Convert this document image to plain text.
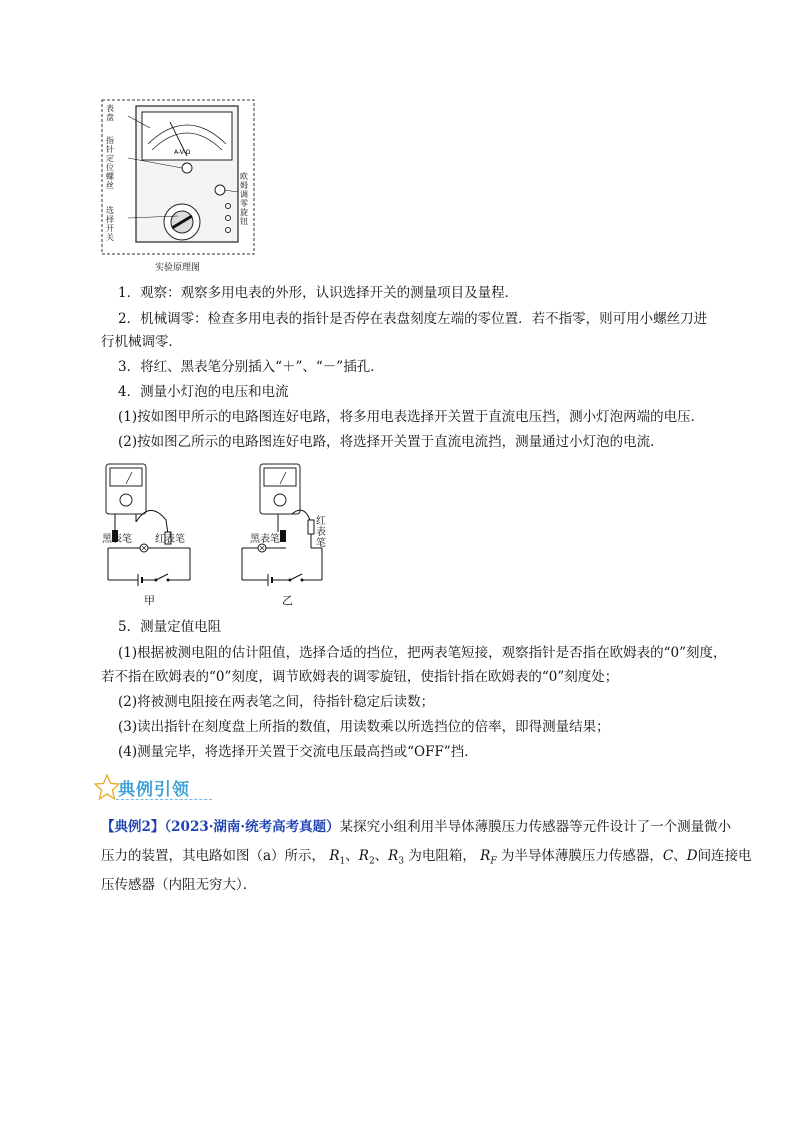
A-V-Ω
表盘
指针定位螺丝
欧姆调零旋钮
选择开关
实验原理图
1．观察：观察多用电表的外形，认识选择开关的测量项目及量程．
2．机械调零：检查多用电表的指针是否停在表盘刻度左端的零位置．若不指零，则可用小螺丝刀进
行机械调零．
3．将红、黑表笔分别插入“＋”、“－”插孔．
4．测量小灯泡的电压和电流
(1)按如图甲所示的电路图连好电路，将多用电表选择开关置于直流电压挡，测小灯泡两端的电压．
(2)按如图乙所示的电路图连好电路，将选择开关置于直流电流挡，测量通过小灯泡的电流．
黑表笔 红表笔
甲
黑表笔
红表笔
乙
5．测量定值电阻
(1)根据被测电阻的估计阻值，选择合适的挡位，把两表笔短接，观察指针是否指在欧姆表的“0”刻度，
若不指在欧姆表的“0”刻度，调节欧姆表的调零旋钮，使指针指在欧姆表的“0”刻度处；
(2)将被测电阻接在两表笔之间，待指针稳定后读数；
(3)读出指针在刻度盘上所指的数值，用读数乘以所选挡位的倍率，即得测量结果；
(4)测量完毕，将选择开关置于交流电压最高挡或“OFF”挡．
典例引领
【典例2】（2023·湖南·统考高考真题）某探究小组利用半导体薄膜压力传感器等元件设计了一个测量微小
压力的装置，其电路如图（a）所示， $R_1$、$R_2$、$R_3$ 为电阻箱， $R_F$ 为半导体薄膜压力传感器，C、D间连接电
压传感器（内阻无穷大）．
